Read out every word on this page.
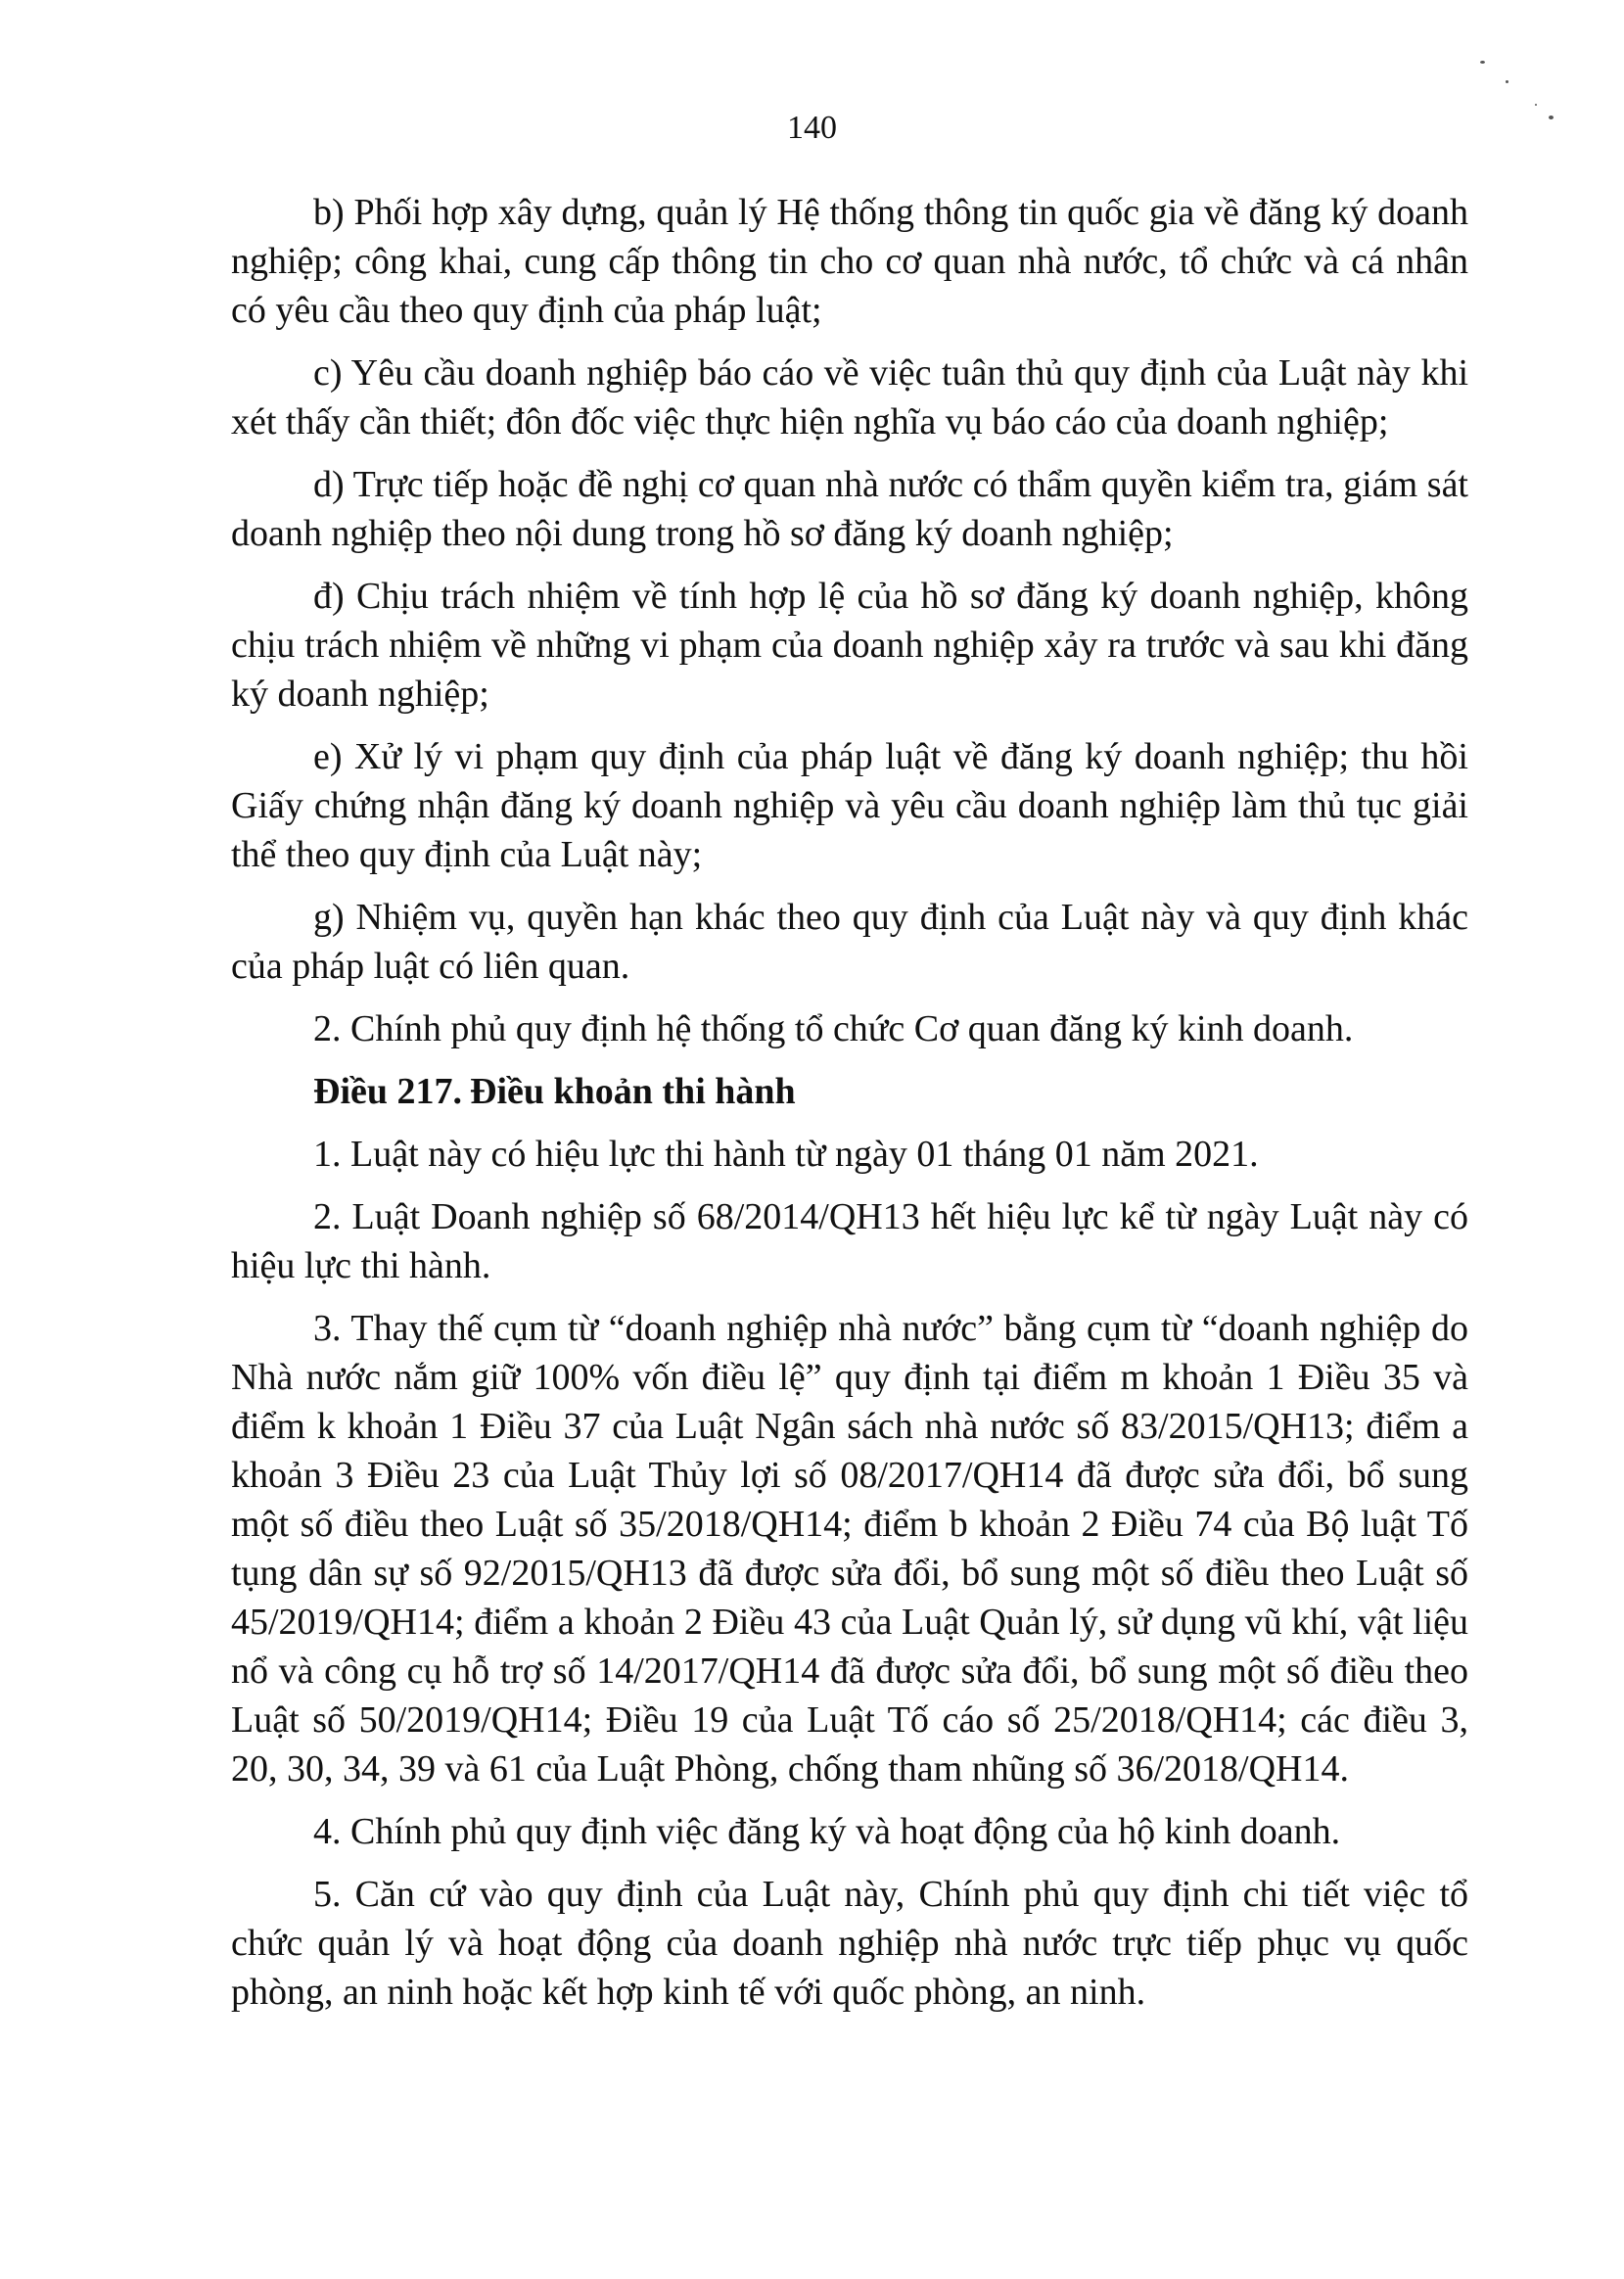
140

b) Phối hợp xây dựng, quản lý Hệ thống thông tin quốc gia về đăng ký doanh nghiệp; công khai, cung cấp thông tin cho cơ quan nhà nước, tổ chức và cá nhân có yêu cầu theo quy định của pháp luật;

c) Yêu cầu doanh nghiệp báo cáo về việc tuân thủ quy định của Luật này khi xét thấy cần thiết; đôn đốc việc thực hiện nghĩa vụ báo cáo của doanh nghiệp;

d) Trực tiếp hoặc đề nghị cơ quan nhà nước có thẩm quyền kiểm tra, giám sát doanh nghiệp theo nội dung trong hồ sơ đăng ký doanh nghiệp;

đ) Chịu trách nhiệm về tính hợp lệ của hồ sơ đăng ký doanh nghiệp, không chịu trách nhiệm về những vi phạm của doanh nghiệp xảy ra trước và sau khi đăng ký doanh nghiệp;

e) Xử lý vi phạm quy định của pháp luật về đăng ký doanh nghiệp; thu hồi Giấy chứng nhận đăng ký doanh nghiệp và yêu cầu doanh nghiệp làm thủ tục giải thể theo quy định của Luật này;

g) Nhiệm vụ, quyền hạn khác theo quy định của Luật này và quy định khác của pháp luật có liên quan.

2. Chính phủ quy định hệ thống tổ chức Cơ quan đăng ký kinh doanh.

Điều 217. Điều khoản thi hành

1. Luật này có hiệu lực thi hành từ ngày 01 tháng 01 năm 2021.

2. Luật Doanh nghiệp số 68/2014/QH13 hết hiệu lực kể từ ngày Luật này có hiệu lực thi hành.

3. Thay thế cụm từ “doanh nghiệp nhà nước” bằng cụm từ “doanh nghiệp do Nhà nước nắm giữ 100% vốn điều lệ” quy định tại điểm m khoản 1 Điều 35 và điểm k khoản 1 Điều 37 của Luật Ngân sách nhà nước số 83/2015/QH13; điểm a khoản 3 Điều 23 của Luật Thủy lợi số 08/2017/QH14 đã được sửa đổi, bổ sung một số điều theo Luật số 35/2018/QH14; điểm b khoản 2 Điều 74 của Bộ luật Tố tụng dân sự số 92/2015/QH13 đã được sửa đổi, bổ sung một số điều theo Luật số 45/2019/QH14; điểm a khoản 2 Điều 43 của Luật Quản lý, sử dụng vũ khí, vật liệu nổ và công cụ hỗ trợ số 14/2017/QH14 đã được sửa đổi, bổ sung một số điều theo Luật số 50/2019/QH14; Điều 19 của Luật Tố cáo số 25/2018/QH14; các điều 3, 20, 30, 34, 39 và 61 của Luật Phòng, chống tham nhũng số 36/2018/QH14.

4. Chính phủ quy định việc đăng ký và hoạt động của hộ kinh doanh.

5. Căn cứ vào quy định của Luật này, Chính phủ quy định chi tiết việc tổ chức quản lý và hoạt động của doanh nghiệp nhà nước trực tiếp phục vụ quốc phòng, an ninh hoặc kết hợp kinh tế với quốc phòng, an ninh.
